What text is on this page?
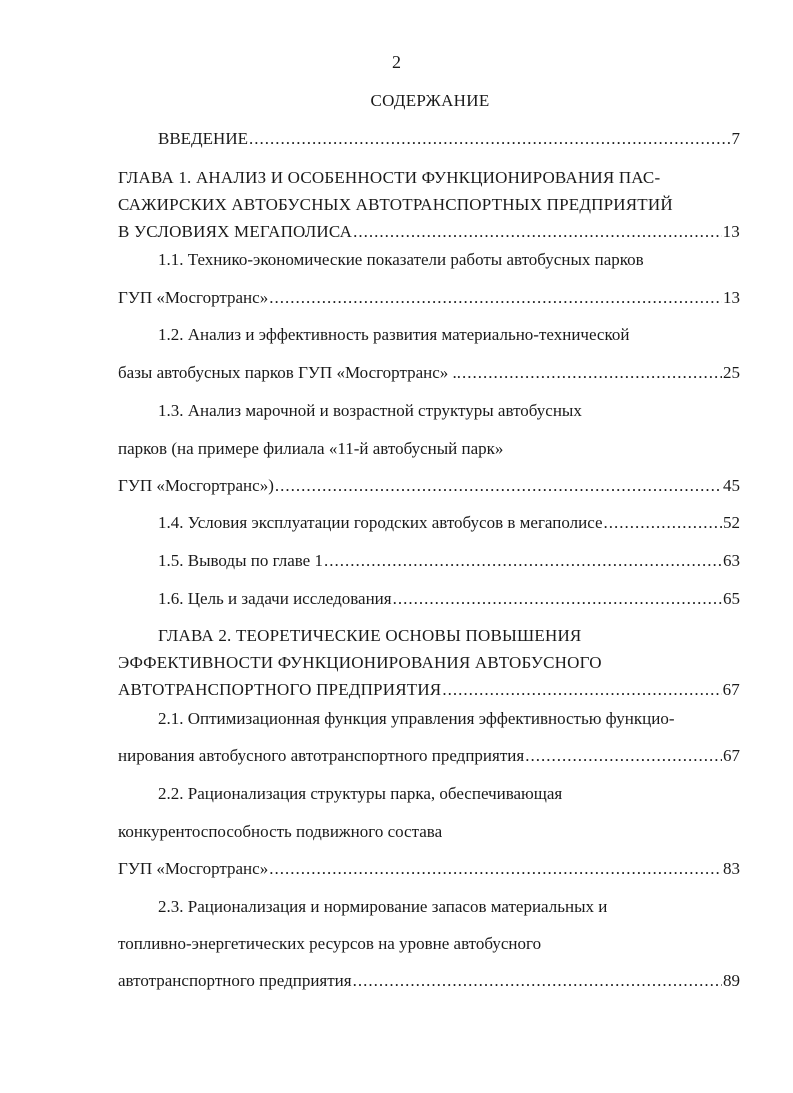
2
СОДЕРЖАНИЕ
ВВЕДЕНИЕ .....	7
ГЛАВА 1. АНАЛИЗ И ОСОБЕННОСТИ ФУНКЦИОНИРОВАНИЯ ПАС-
САЖИРСКИХ АВТОБУСНЫХ АВТОТРАНСПОРТНЫХ ПРЕДПРИЯТИЙ
В УСЛОВИЯХ МЕГАПОЛИСА .....	13
1.1. Технико-экономические показатели работы автобусных парков
ГУП «Мосгортранс» .....	13
1.2. Анализ и эффективность развития материально-технической
базы автобусных парков ГУП «Мосгортранс» .. .....	25
1.3. Анализ марочной и возрастной структуры автобусных
парков (на примере филиала «11-й автобусный парк»
ГУП «Мосгортранс») .....	45
1.4. Условия эксплуатации городских автобусов в мегаполисе .....	52
1.5. Выводы по главе 1 .....	63
1.6. Цель и задачи исследования .....	65
ГЛАВА 2. ТЕОРЕТИЧЕСКИЕ ОСНОВЫ ПОВЫШЕНИЯ
ЭФФЕКТИВНОСТИ ФУНКЦИОНИРОВАНИЯ АВТОБУСНОГО
АВТОТРАНСПОРТНОГО ПРЕДПРИЯТИЯ .....	67
2.1. Оптимизационная функция управления эффективностью функцио-
нирования автобусного автотранспортного предприятия .....	67
2.2. Рационализация структуры парка, обеспечивающая
конкурентоспособность подвижного состава
ГУП «Мосгортранс» .....	83
2.3. Рационализация и нормирование запасов материальных и
топливно-энергетических ресурсов на уровне автобусного
автотранспортного предприятия .....	89
